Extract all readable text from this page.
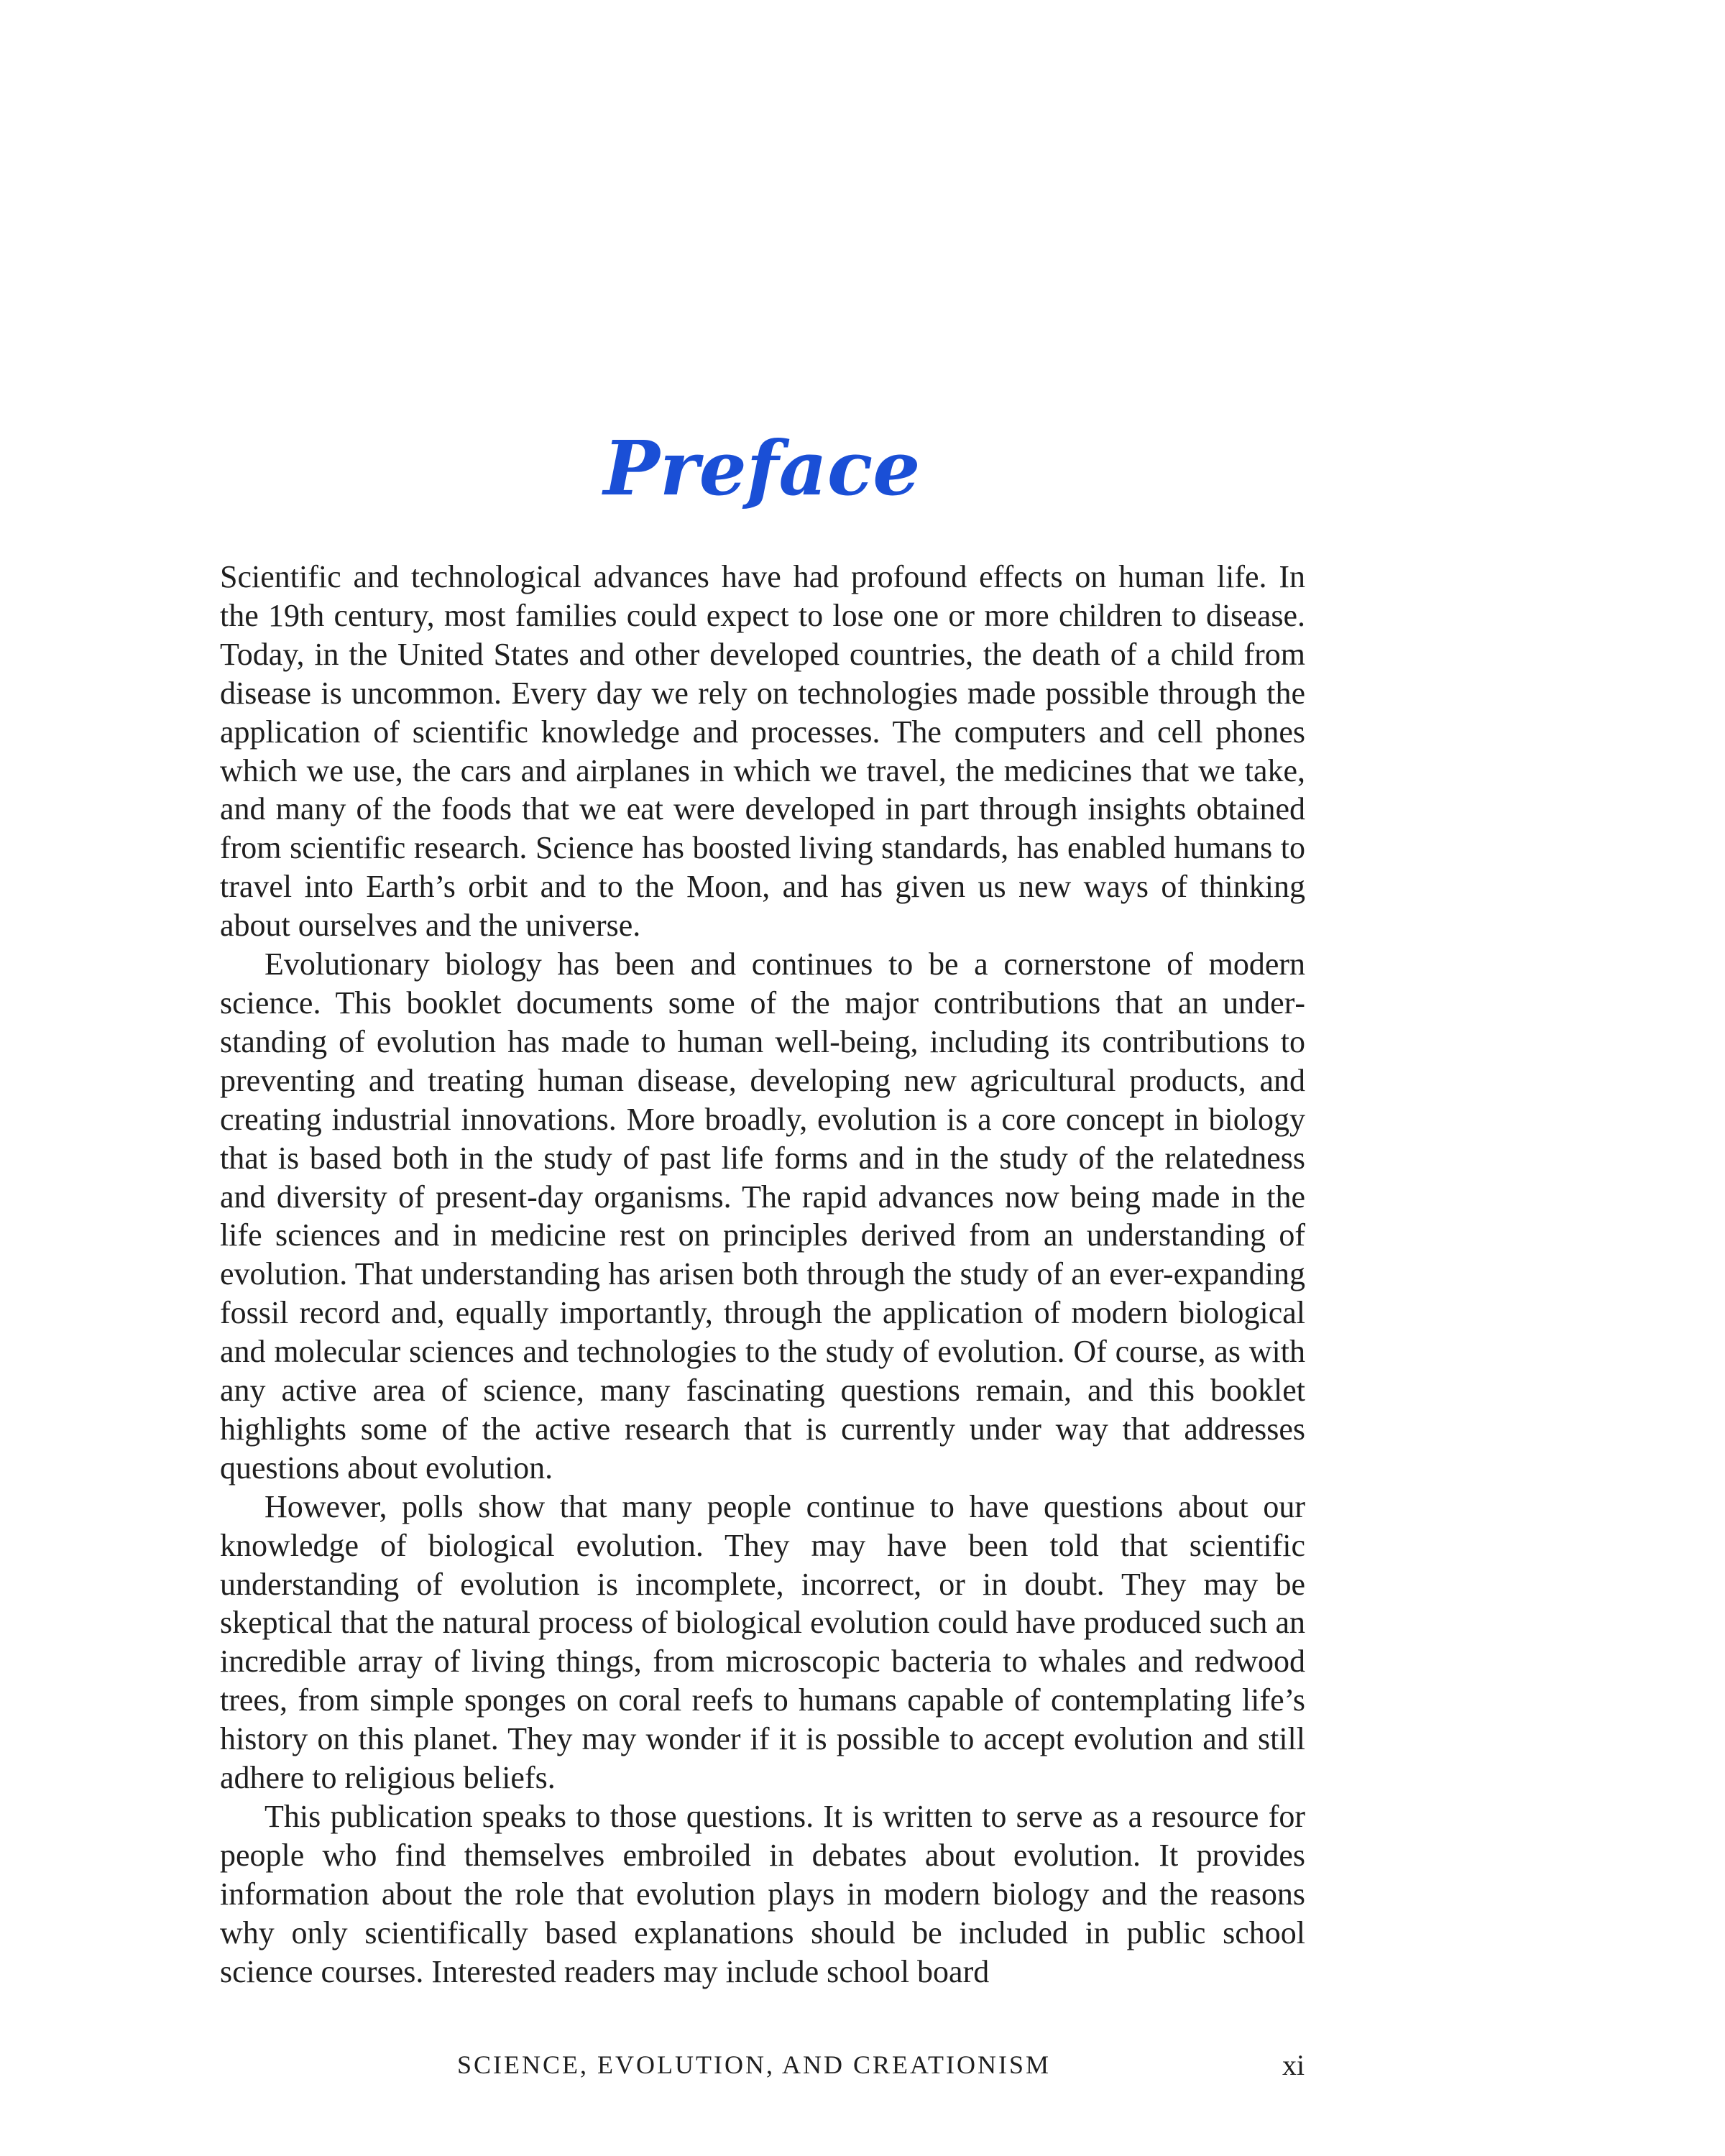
Preface

Scientific and technological advances have had profound effects on human life. In the 19th century, most families could expect to lose one or more children to disease. Today, in the United States and other developed countries, the death of a child from disease is uncommon. Every day we rely on technologies made possible through the application of scientific knowledge and processes. The computers and cell phones which we use, the cars and airplanes in which we travel, the medicines that we take, and many of the foods that we eat were developed in part through insights obtained from scientific research. Science has boosted living standards, has enabled humans to travel into Earth’s orbit and to the Moon, and has given us new ways of thinking about ourselves and the universe.

Evolutionary biology has been and continues to be a cornerstone of modern science. This booklet documents some of the major contributions that an understanding of evolution has made to human well-being, including its contributions to preventing and treating human disease, developing new agricultural products, and creating industrial innovations. More broadly, evolution is a core concept in biology that is based both in the study of past life forms and in the study of the relatedness and diversity of present-day organisms. The rapid advances now being made in the life sciences and in medicine rest on principles derived from an understanding of evolution. That understanding has arisen both through the study of an ever-expanding fossil record and, equally importantly, through the application of modern biological and molecular sciences and technologies to the study of evolution. Of course, as with any active area of science, many fascinating questions remain, and this booklet highlights some of the active research that is currently under way that addresses questions about evolution.

However, polls show that many people continue to have questions about our knowledge of biological evolution. They may have been told that scientific understanding of evolution is incomplete, incorrect, or in doubt. They may be skeptical that the natural process of biological evolution could have produced such an incredible array of living things, from microscopic bacteria to whales and redwood trees, from simple sponges on coral reefs to humans capable of contemplating life’s history on this planet. They may wonder if it is possible to accept evolution and still adhere to religious beliefs.

This publication speaks to those questions. It is written to serve as a resource for people who find themselves embroiled in debates about evolution. It provides information about the role that evolution plays in modern biology and the reasons why only scientifically based explanations should be included in public school science courses. Interested readers may include school board

SCIENCE, EVOLUTION, AND CREATIONISM	xi
